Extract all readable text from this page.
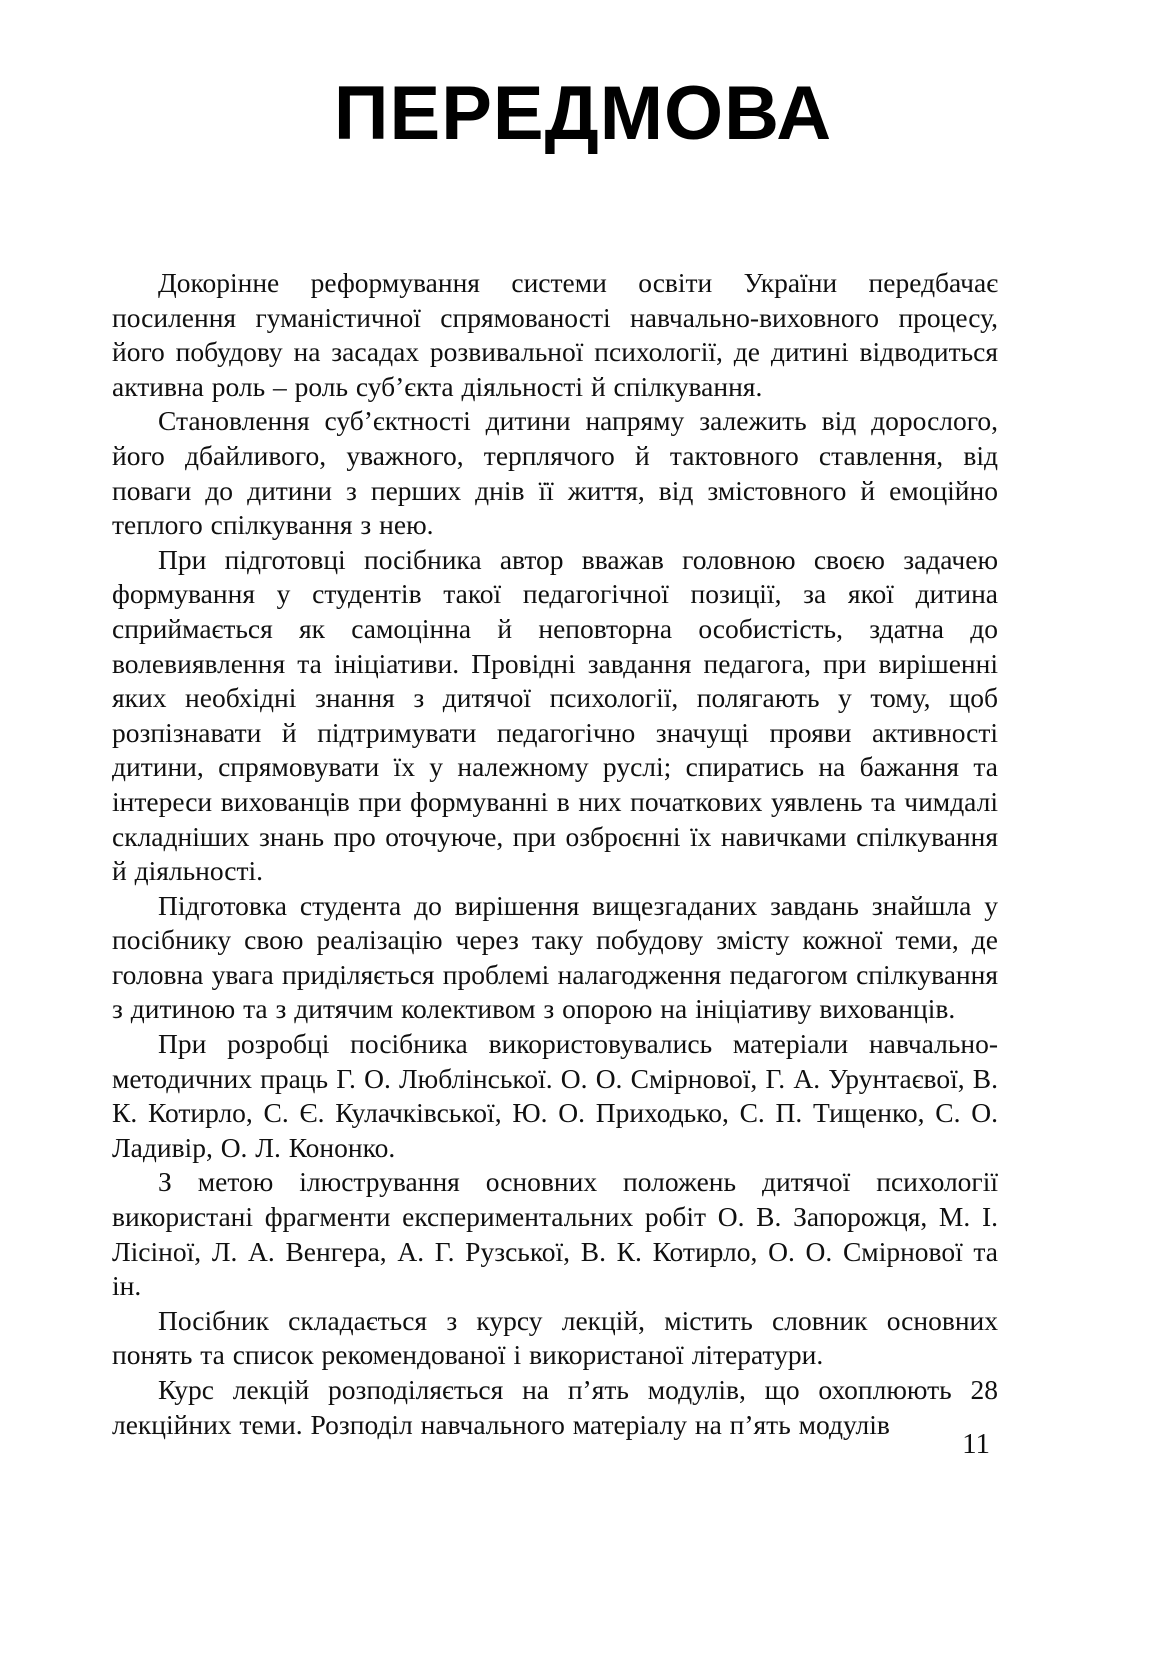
ПЕРЕДМОВА

Докорінне реформування системи освіти України передбачає посилення гуманістичної спрямованості навчально-виховного процесу, його побудову на засадах розвивальної психології, де дитині відводиться активна роль – роль суб’єкта діяльності й спілкування.

Становлення суб’єктності дитини напряму залежить від дорослого, його дбайливого, уважного, терплячого й тактовного ставлення, від поваги до дитини з перших днів її життя, від змістовного й емоційно теплого спілкування з нею.

При підготовці посібника автор вважав головною своєю задачею формування у студентів такої педагогічної позиції, за якої дитина сприймається як самоцінна й неповторна особистість, здатна до волевиявлення та ініціативи. Провідні завдання педагога, при вирішенні яких необхідні знання з дитячої психології, полягають у тому, щоб розпізнавати й підтримувати педагогічно значущі прояви активності дитини, спрямовувати їх у належному руслі; спиратись на бажання та інтереси вихованців при формуванні в них початкових уявлень та чимдалі складніших знань про оточуюче, при озброєнні їх навичками спілкування й діяльності.

Підготовка студента до вирішення вищезгаданих завдань знайшла у посібнику свою реалізацію через таку побудову змісту кожної теми, де головна увага приділяється проблемі налагодження педагогом спілкування з дитиною та з дитячим колективом з опорою на ініціативу вихованців.

При розробці посібника використовувались матеріали навчально-методичних праць Г. О. Люблінської. О. О. Смірнової, Г. А. Урунтаєвої, В. К. Котирло, С. Є. Кулачківської, Ю. О. Приходько, С. П. Тищенко, С. О. Ладивір, О. Л. Кононко.

З метою ілюстрування основних положень дитячої психології використані фрагменти експериментальних робіт О. В. Запорожця, М. І. Лісіної, Л. А. Венгера, А. Г. Рузської, В. К. Котирло, О. О. Смірнової та ін.

Посібник складається з курсу лекцій, містить словник основних понять та список рекомендованої і використаної літератури.

Курс лекцій розподіляється на п’ять модулів, що охоплюють 28 лекційних теми. Розподіл навчального матеріалу на п’ять модулів

11
